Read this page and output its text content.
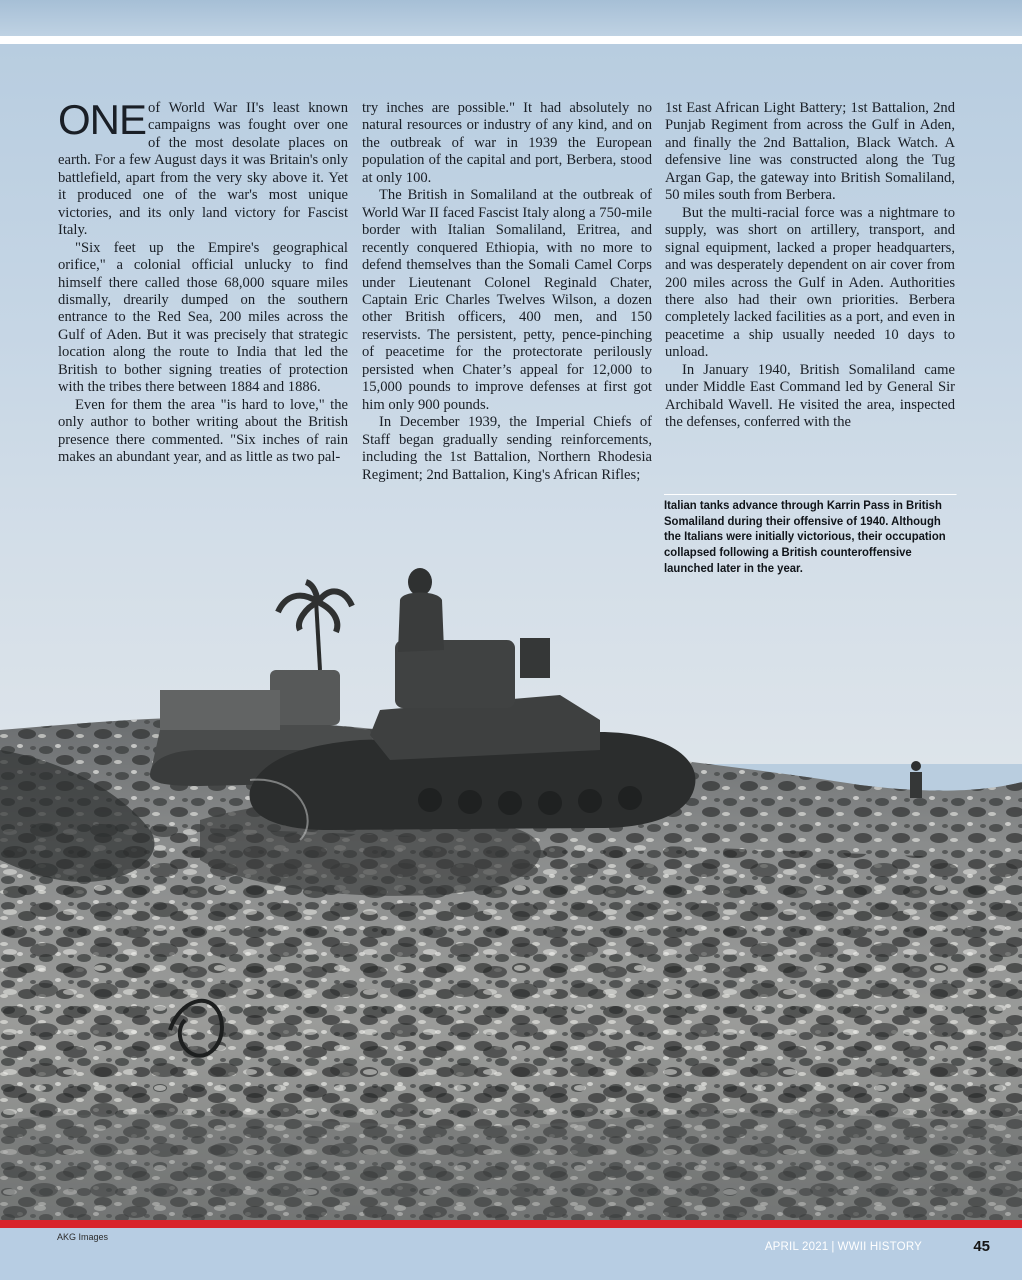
ONE of World War II's least known campaigns was fought over one of the most desolate places on earth. For a few August days it was Britain's only battlefield, apart from the very sky above it. Yet it produced one of the war's most unique victories, and its only land victory for Fascist Italy.

"Six feet up the Empire's geographical orifice," a colonial official unlucky to find himself there called those 68,000 square miles dismally, drearily dumped on the southern entrance to the Red Sea, 200 miles across the Gulf of Aden. But it was precisely that strategic location along the route to India that led the British to bother signing treaties of protection with the tribes there between 1884 and 1886.

Even for them the area "is hard to love," the only author to bother writing about the British presence there commented. "Six inches of rain makes an abundant year, and as little as two pal-

try inches are possible." It had absolutely no natural resources or industry of any kind, and on the outbreak of war in 1939 the European population of the capital and port, Berbera, stood at only 100.

The British in Somaliland at the outbreak of World War II faced Fascist Italy along a 750-mile border with Italian Somaliland, Eritrea, and recently conquered Ethiopia, with no more to defend themselves than the Somali Camel Corps under Lieutenant Colonel Reginald Chater, Captain Eric Charles Twelves Wilson, a dozen other British officers, 400 men, and 150 reservists. The persistent, petty, pence-pinching of peacetime for the protectorate perilously persisted when Chater’s appeal for 12,000 to 15,000 pounds to improve defenses at first got him only 900 pounds.

In December 1939, the Imperial Chiefs of Staff began gradually sending reinforcements, including the 1st Battalion, Northern Rhodesia Regiment; 2nd Battalion, King's African Rifles;

1st East African Light Battery; 1st Battalion, 2nd Punjab Regiment from across the Gulf in Aden, and finally the 2nd Battalion, Black Watch. A defensive line was constructed along the Tug Argan Gap, the gateway into British Somaliland, 50 miles south from Berbera.

But the multi-racial force was a nightmare to supply, was short on artillery, transport, and signal equipment, lacked a proper headquarters, and was desperately dependent on air cover from 200 miles across the Gulf in Aden. Authorities there also had their own priorities. Berbera completely lacked facilities as a port, and even in peacetime a ship usually needed 10 days to unload.

In January 1940, British Somaliland came under Middle East Command led by General Sir Archibald Wavell. He visited the area, inspected the defenses, conferred with the

Italian tanks advance through Karrin Pass in British Somaliland during their offensive of 1940. Although the Italians were initially victorious, their occupation collapsed following a British counteroffensive launched later in the year.
AKG Images
APRIL 2021 | WWII HISTORY	45
